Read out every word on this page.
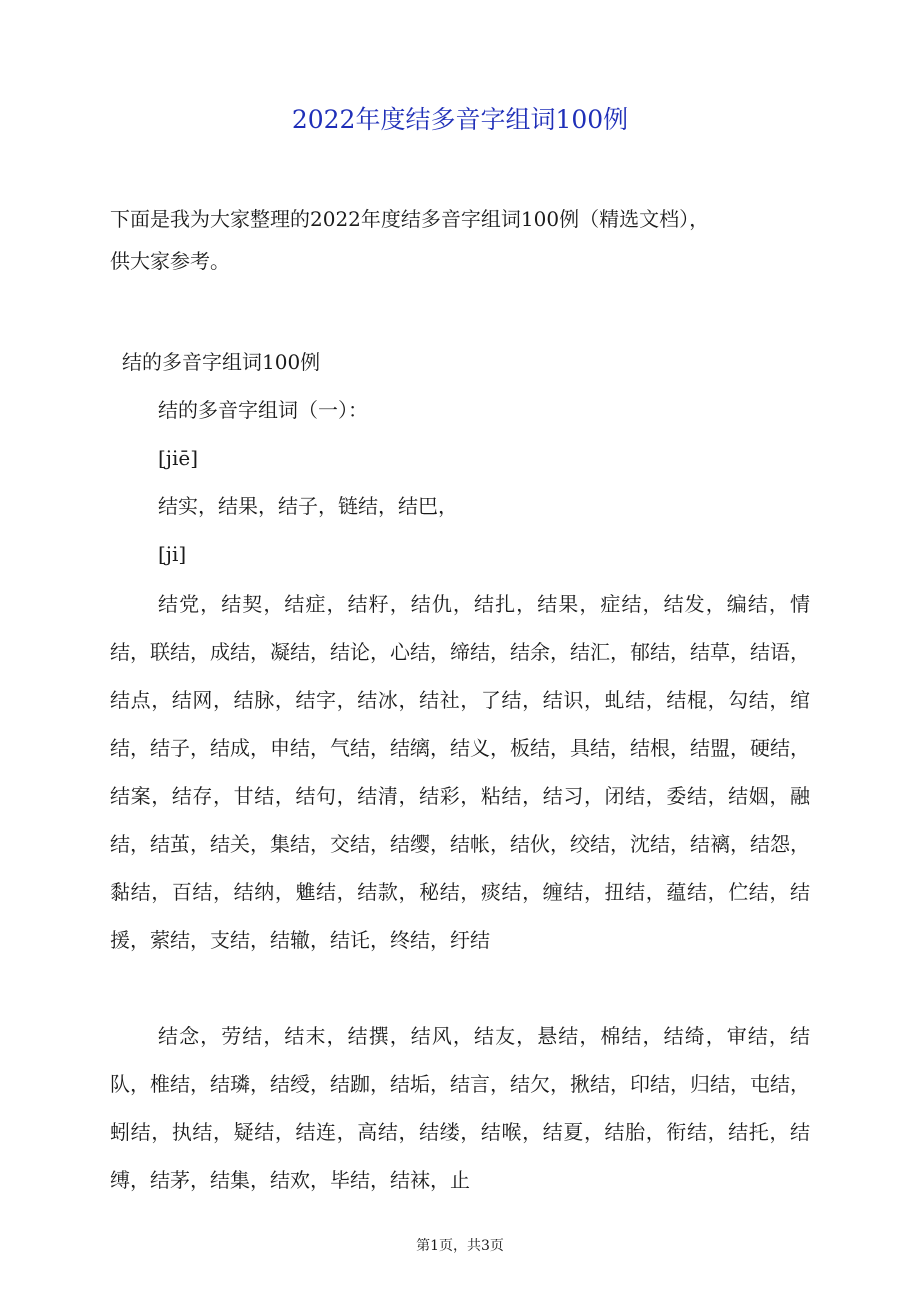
2022年度结多音字组词100例

下面是我为大家整理的2022年度结多音字组词100例（精选文档），

供大家参考。

结的多音字组词100例
结的多音字组词（一）：
[jiē]
结实，结果，结子，链结，结巴，
[ji]

结党，结契，结症，结籽，结仇，结扎，结果，症结，结发，编结，情结，联结，成结，凝结，结论，心结，缔结，结余，结汇，郁结，结草，结语，结点，结网，结脉，结字，结冰，结社，了结，结识，虬结，结棍，勾结，绾结，结子，结成，申结，气结，结缡，结义，板结，具结，结根，结盟，硬结，结案，结存，甘结，结句，结清，结彩，粘结，结习，闭结，委结，结姻，融结，结茧，结关，集结，交结，结缨，结帐，结伙，绞结，沈结，结褵，结怨，黏结，百结，结纳，魋结，结款，秘结，痰结，缠结，扭结，蕴结，伫结，结援，萦结，支结，结辙，结讬，终结，纡结

结念，劳结，结末，结撰，结风，结友，悬结，棉结，结绮，审结，结队，椎结，结璘，结绶，结跏，结垢，结言，结欠，揪结，印结，归结，屯结，蚓结，执结，疑结，结连，高结，结缕，结喉，结夏，结胎，衔结，结托，结缚，结茅，结集，结欢，毕结，结袜，止

第1页，共3页
